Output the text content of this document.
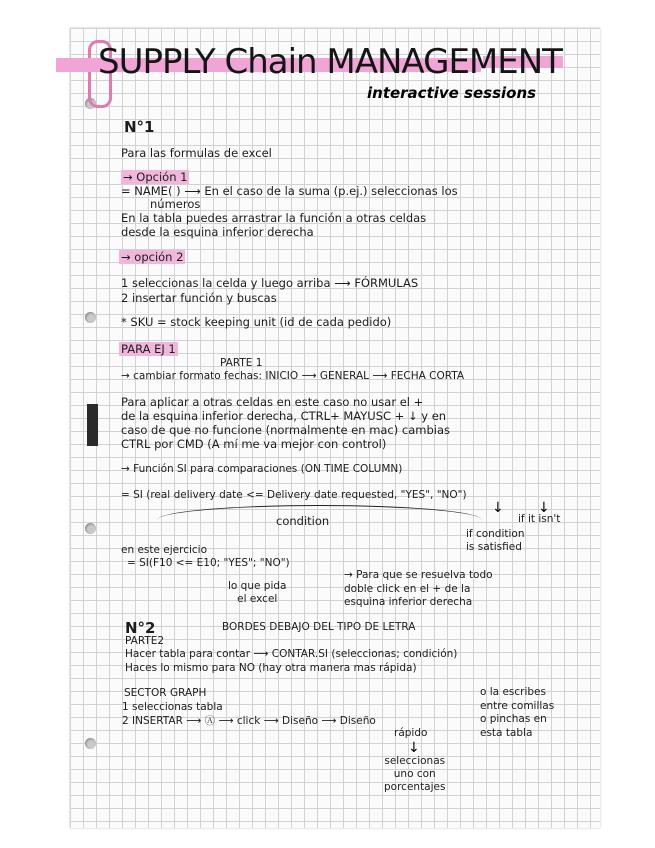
SUPPLY Chain MANAGEMENT
interactive sessions
N°1
Para las formulas de excel
→ Opción 1
= NAME( ) ⟶ En el caso de la suma (p.ej.) seleccionas los
números
En la tabla puedes arrastrar la función a otras celdas
desde la esquina inferior derecha
→ opción 2
1 seleccionas la celda y luego arriba ⟶ FÓRMULAS
2 insertar función y buscas
* SKU = stock keeping unit (id de cada pedido)
PARA EJ 1
PARTE 1
→ cambiar formato fechas: INICIO ⟶ GENERAL ⟶ FECHA CORTA
Para aplicar a otras celdas en este caso no usar el +
de la esquina inferior derecha, CTRL+ MAYUSC + ↓ y en
caso de que no funcione (normalmente en mac) cambias
CTRL por CMD (A mí me va mejor con control)
→ Función SI para comparaciones (ON TIME COLUMN)
= SI (real delivery date <= Delivery date requested, "YES", "NO")
↓ ↓
condition	if it isn't
if condition
is satisfied
en este ejercicio
= SI(F10 <= E10; "YES"; "NO")
lo que pida
el excel
→ Para que se resuelva todo
doble click en el + de la
esquina inferior derecha
N°2
PARTE2
BORDES DEBAJO DEL TIPO DE LETRA
Hacer tabla para contar ⟶ CONTAR.SI (seleccionas; condición)
Haces lo mismo para NO (hay otra manera mas rápida)
SECTOR GRAPH
1 seleccionas tabla
2 INSERTAR ⟶ Ⓐ ⟶ click ⟶ Diseño ⟶ Diseño
rápido
↓
seleccionas
uno con
porcentajes
o la escribes
entre comillas
o pinchas en
esta tabla
